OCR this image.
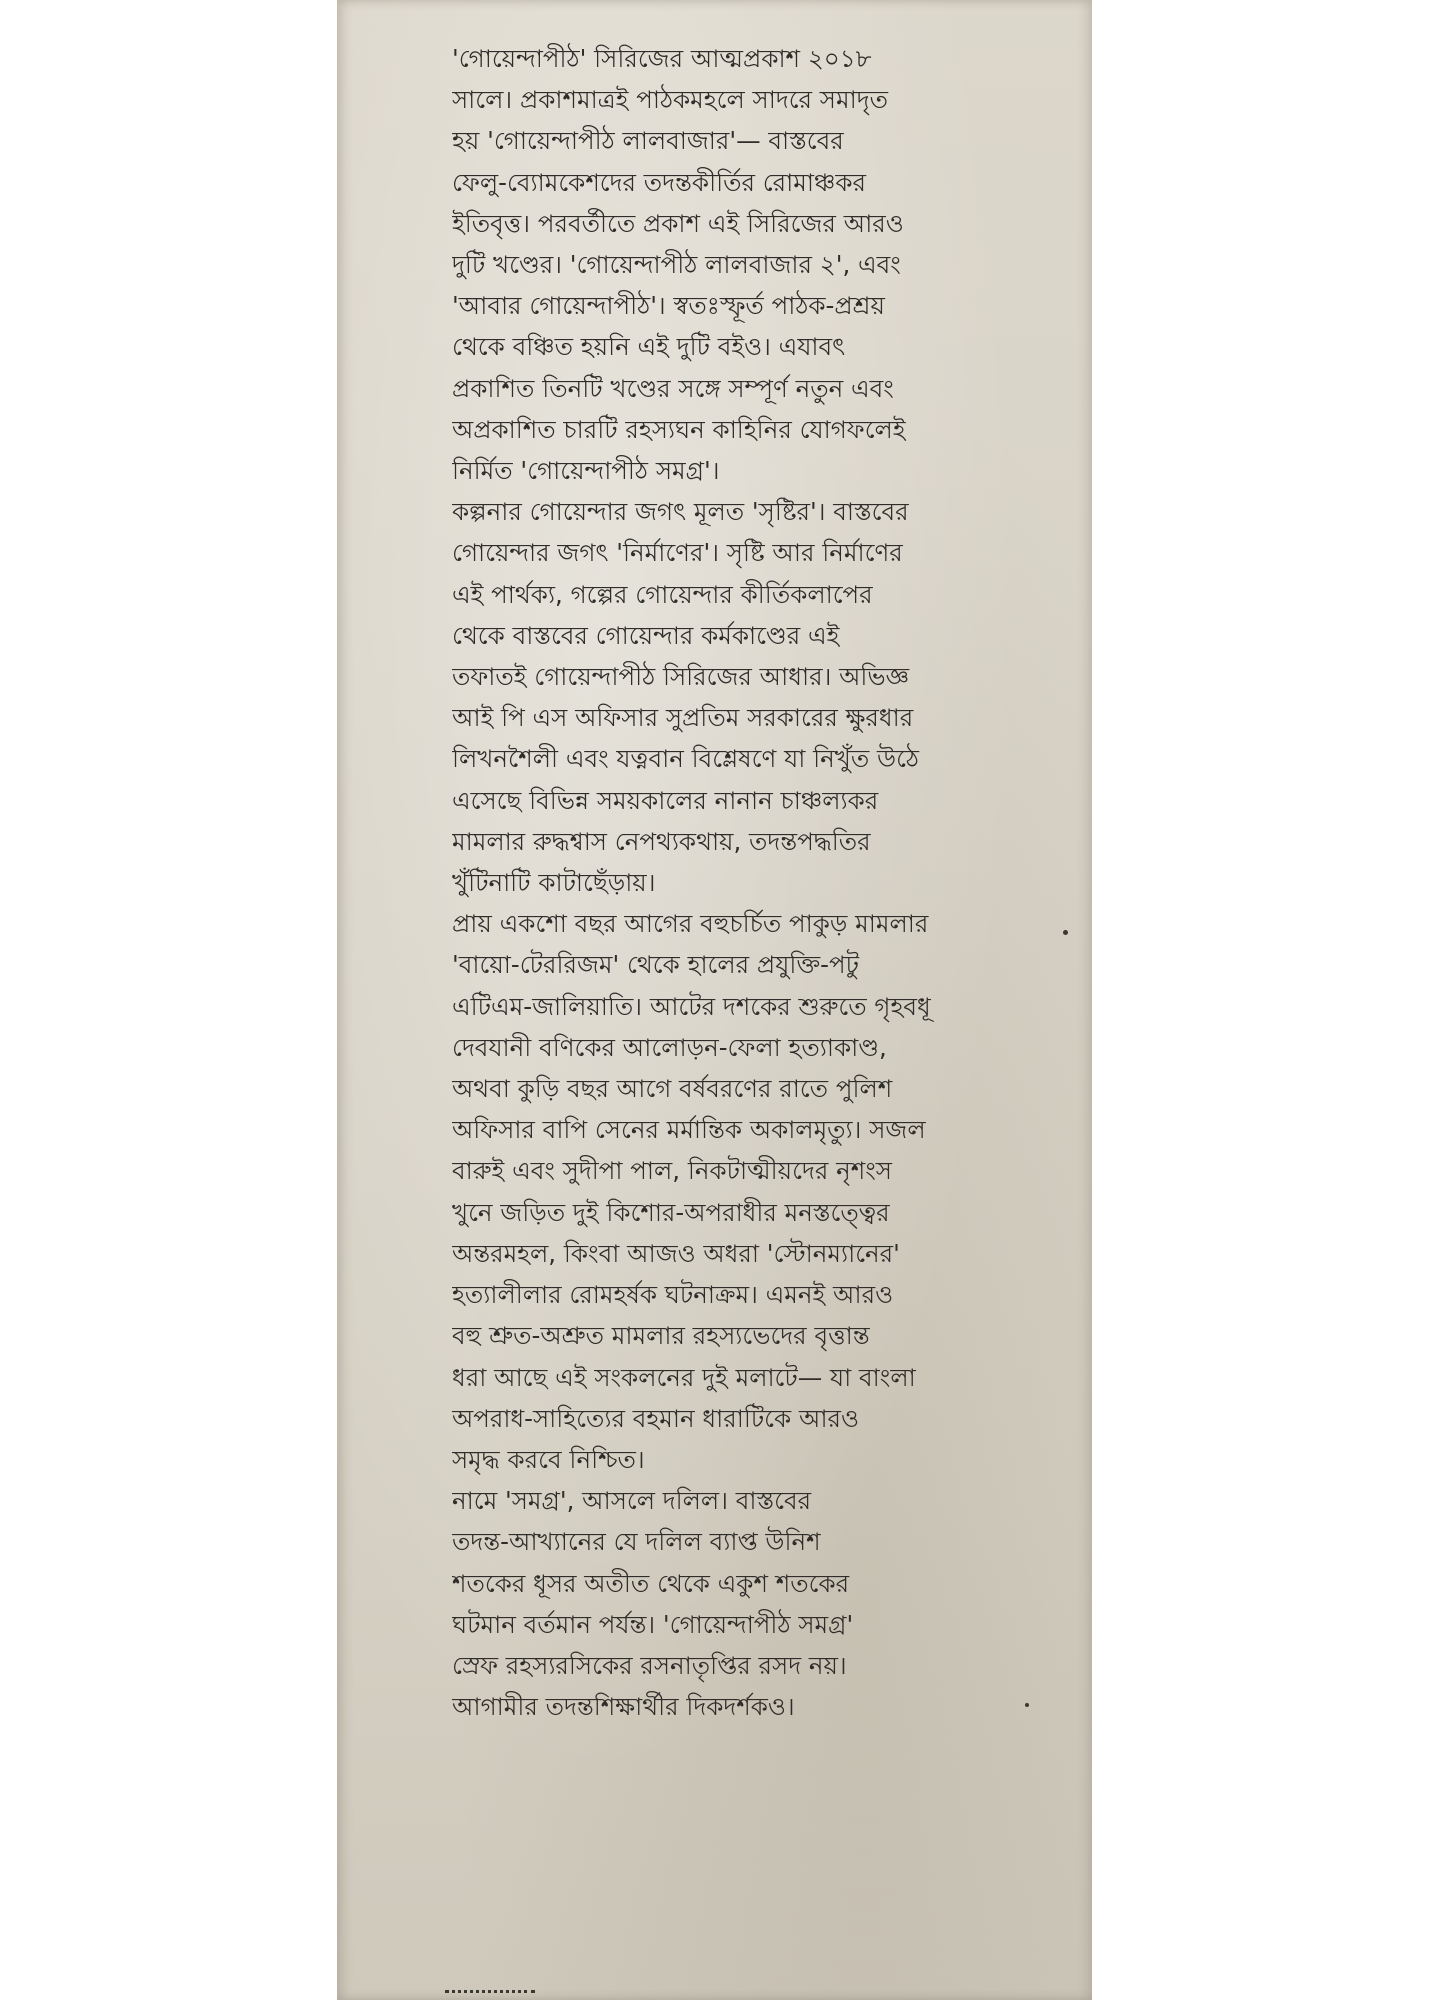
'গোয়েন্দাপীঠ' সিরিজের আত্মপ্রকাশ ২০১৮
সালে। প্রকাশমাত্রই পাঠকমহলে সাদরে সমাদৃত
হয় 'গোয়েন্দাপীঠ লালবাজার'— বাস্তবের
ফেলু-ব্যোমকেশদের তদন্তকীর্তির রোমাঞ্চকর
ইতিবৃত্ত। পরবর্তীতে প্রকাশ এই সিরিজের আরও
দুটি খণ্ডের। 'গোয়েন্দাপীঠ লালবাজার ২', এবং
'আবার গোয়েন্দাপীঠ'। স্বতঃস্ফূর্ত পাঠক-প্রশ্রয়
থেকে বঞ্চিত হয়নি এই দুটি বইও। এযাবৎ
প্রকাশিত তিনটি খণ্ডের সঙ্গে সম্পূর্ণ নতুন এবং
অপ্রকাশিত চারটি রহস্যঘন কাহিনির যোগফলেই
নির্মিত 'গোয়েন্দাপীঠ সমগ্র'।

কল্পনার গোয়েন্দার জগৎ মূলত 'সৃষ্টির'। বাস্তবের
গোয়েন্দার জগৎ 'নির্মাণের'। সৃষ্টি আর নির্মাণের
এই পার্থক্য, গল্পের গোয়েন্দার কীর্তিকলাপের
থেকে বাস্তবের গোয়েন্দার কর্মকাণ্ডের এই
তফাতই গোয়েন্দাপীঠ সিরিজের আধার। অভিজ্ঞ
আই পি এস অফিসার সুপ্রতিম সরকারের ক্ষুরধার
লিখনশৈলী এবং যত্নবান বিশ্লেষণে যা নিখুঁত উঠে
এসেছে বিভিন্ন সময়কালের নানান চাঞ্চল্যকর
মামলার রুদ্ধশ্বাস নেপথ্যকথায়, তদন্তপদ্ধতির
খুঁটিনাটি কাটাছেঁড়ায়।

প্রায় একশো বছর আগের বহুচর্চিত পাকুড় মামলার
'বায়ো-টেররিজম' থেকে হালের প্রযুক্তি-পটু
এটিএম-জালিয়াতি। আটের দশকের শুরুতে গৃহবধূ
দেবযানী বণিকের আলোড়ন-ফেলা হত্যাকাণ্ড,
অথবা কুড়ি বছর আগে বর্ষবরণের রাতে পুলিশ
অফিসার বাপি সেনের মর্মান্তিক অকালমৃত্যু। সজল
বারুই এবং সুদীপা পাল, নিকটাত্মীয়দের নৃশংস
খুনে জড়িত দুই কিশোর-অপরাধীর মনস্তত্ত্বের
অন্তরমহল, কিংবা আজও অধরা 'স্টোনম্যানের'
হত্যালীলার রোমহর্ষক ঘটনাক্রম। এমনই আরও
বহু শ্রুত-অশ্রুত মামলার রহস্যভেদের বৃত্তান্ত
ধরা আছে এই সংকলনের দুই মলাটে— যা বাংলা
অপরাধ-সাহিত্যের বহমান ধারাটিকে আরও
সমৃদ্ধ করবে নিশ্চিত।

নামে 'সমগ্র', আসলে দলিল। বাস্তবের
তদন্ত-আখ্যানের যে দলিল ব্যাপ্ত উনিশ
শতকের ধূসর অতীত থেকে একুশ শতকের
ঘটমান বর্তমান পর্যন্ত। 'গোয়েন্দাপীঠ সমগ্র'
স্রেফ রহস্যরসিকের রসনাতৃপ্তির রসদ নয়।
আগামীর তদন্তশিক্ষার্থীর দিকদর্শকও।
